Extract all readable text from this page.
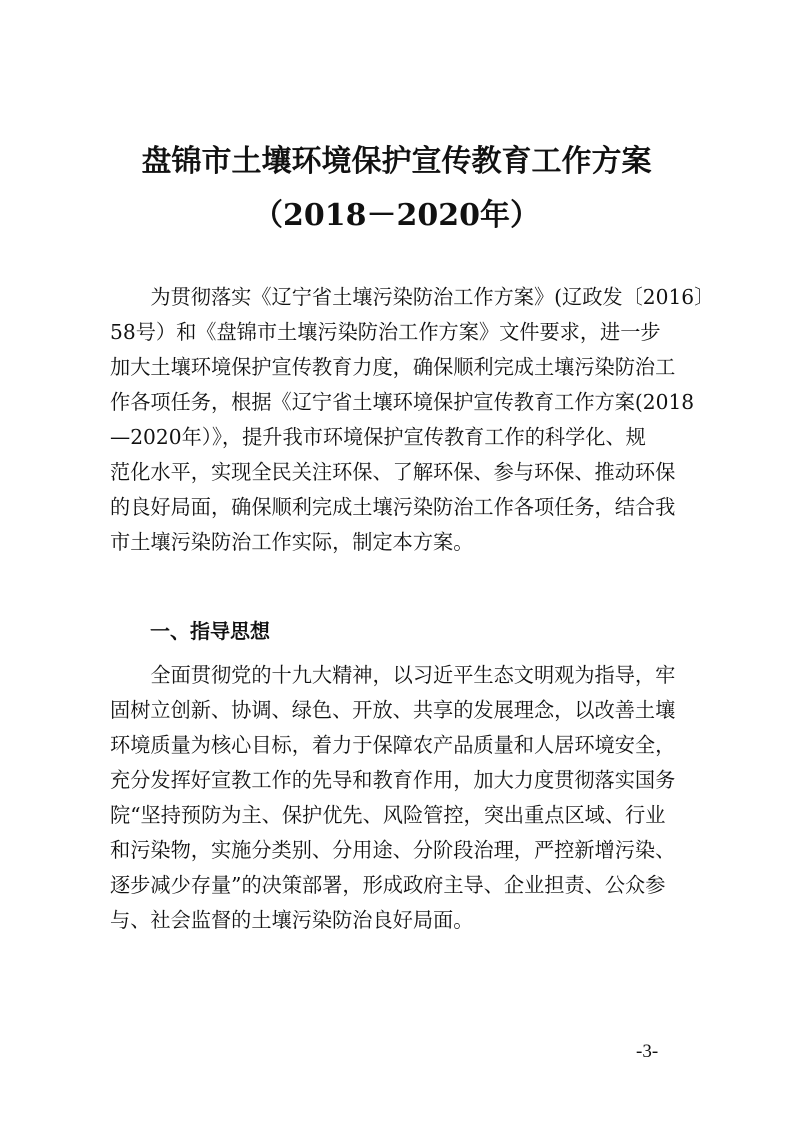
盘锦市土壤环境保护宣传教育工作方案
（2018－2020年）
　　为贯彻落实《辽宁省土壤污染防治工作方案》(辽政发〔2016〕
58号）和《盘锦市土壤污染防治工作方案》文件要求，进一步
加大土壤环境保护宣传教育力度，确保顺利完成土壤污染防治工
作各项任务，根据《辽宁省土壤环境保护宣传教育工作方案(2018
—2020年）》，提升我市环境保护宣传教育工作的科学化、规
范化水平，实现全民关注环保、了解环保、参与环保、推动环保
的良好局面，确保顺利完成土壤污染防治工作各项任务，结合我
市土壤污染防治工作实际，制定本方案。
一、指导思想
　　全面贯彻党的十九大精神，以习近平生态文明观为指导，牢
固树立创新、协调、绿色、开放、共享的发展理念，以改善土壤
环境质量为核心目标，着力于保障农产品质量和人居环境安全，
充分发挥好宣教工作的先导和教育作用，加大力度贯彻落实国务
院“坚持预防为主、保护优先、风险管控，突出重点区域、行业
和污染物，实施分类别、分用途、分阶段治理，严控新增污染、
逐步减少存量”的决策部署，形成政府主导、企业担责、公众参
与、社会监督的土壤污染防治良好局面。
-3-
